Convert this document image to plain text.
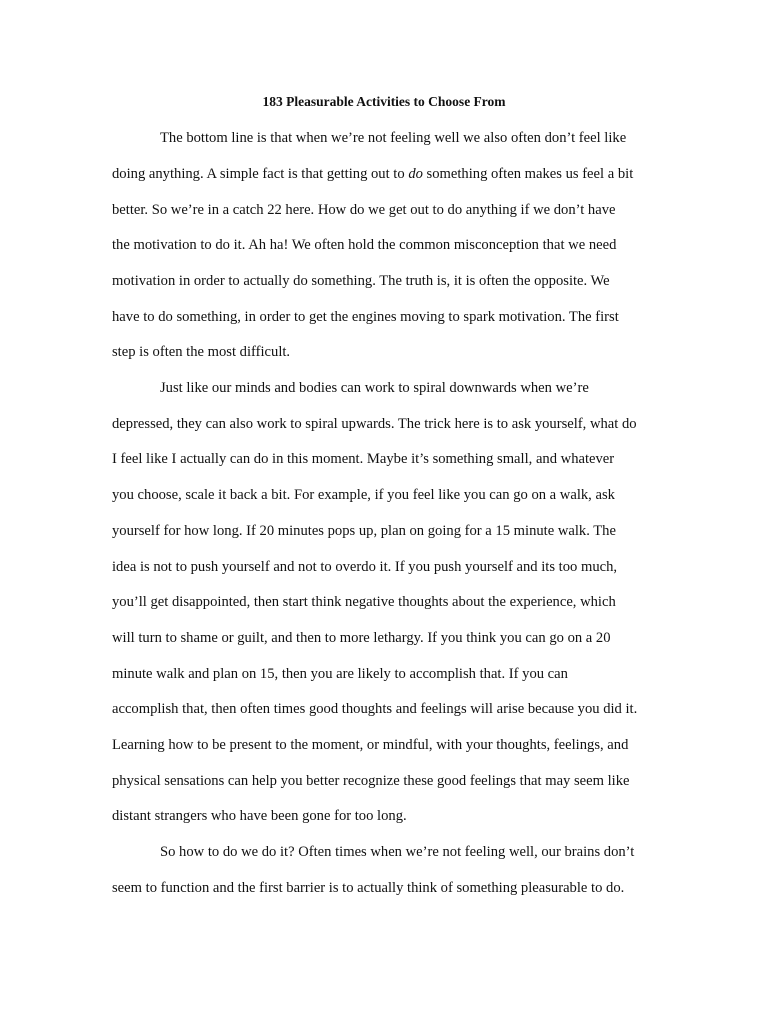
183 Pleasurable Activities to Choose From

The bottom line is that when we’re not feeling well we also often don’t feel like

doing anything. A simple fact is that getting out to do something often makes us feel a bit

better. So we’re in a catch 22 here. How do we get out to do anything if we don’t have

the motivation to do it. Ah ha! We often hold the common misconception that we need

motivation in order to actually do something. The truth is, it is often the opposite. We

have to do something, in order to get the engines moving to spark motivation. The first

step is often the most difficult.

Just like our minds and bodies can work to spiral downwards when we’re

depressed, they can also work to spiral upwards. The trick here is to ask yourself, what do

I feel like I actually can do in this moment. Maybe it’s something small, and whatever

you choose, scale it back a bit. For example, if you feel like you can go on a walk, ask

yourself for how long. If 20 minutes pops up, plan on going for a 15 minute walk. The

idea is not to push yourself and not to overdo it. If you push yourself and its too much,

you’ll get disappointed, then start think negative thoughts about the experience, which

will turn to shame or guilt, and then to more lethargy. If you think you can go on a 20

minute walk and plan on 15, then you are likely to accomplish that. If you can

accomplish that, then often times good thoughts and feelings will arise because you did it.

Learning how to be present to the moment, or mindful, with your thoughts, feelings, and

physical sensations can help you better recognize these good feelings that may seem like

distant strangers who have been gone for too long.

So how to do we do it? Often times when we’re not feeling well, our brains don’t

seem to function and the first barrier is to actually think of something pleasurable to do.
